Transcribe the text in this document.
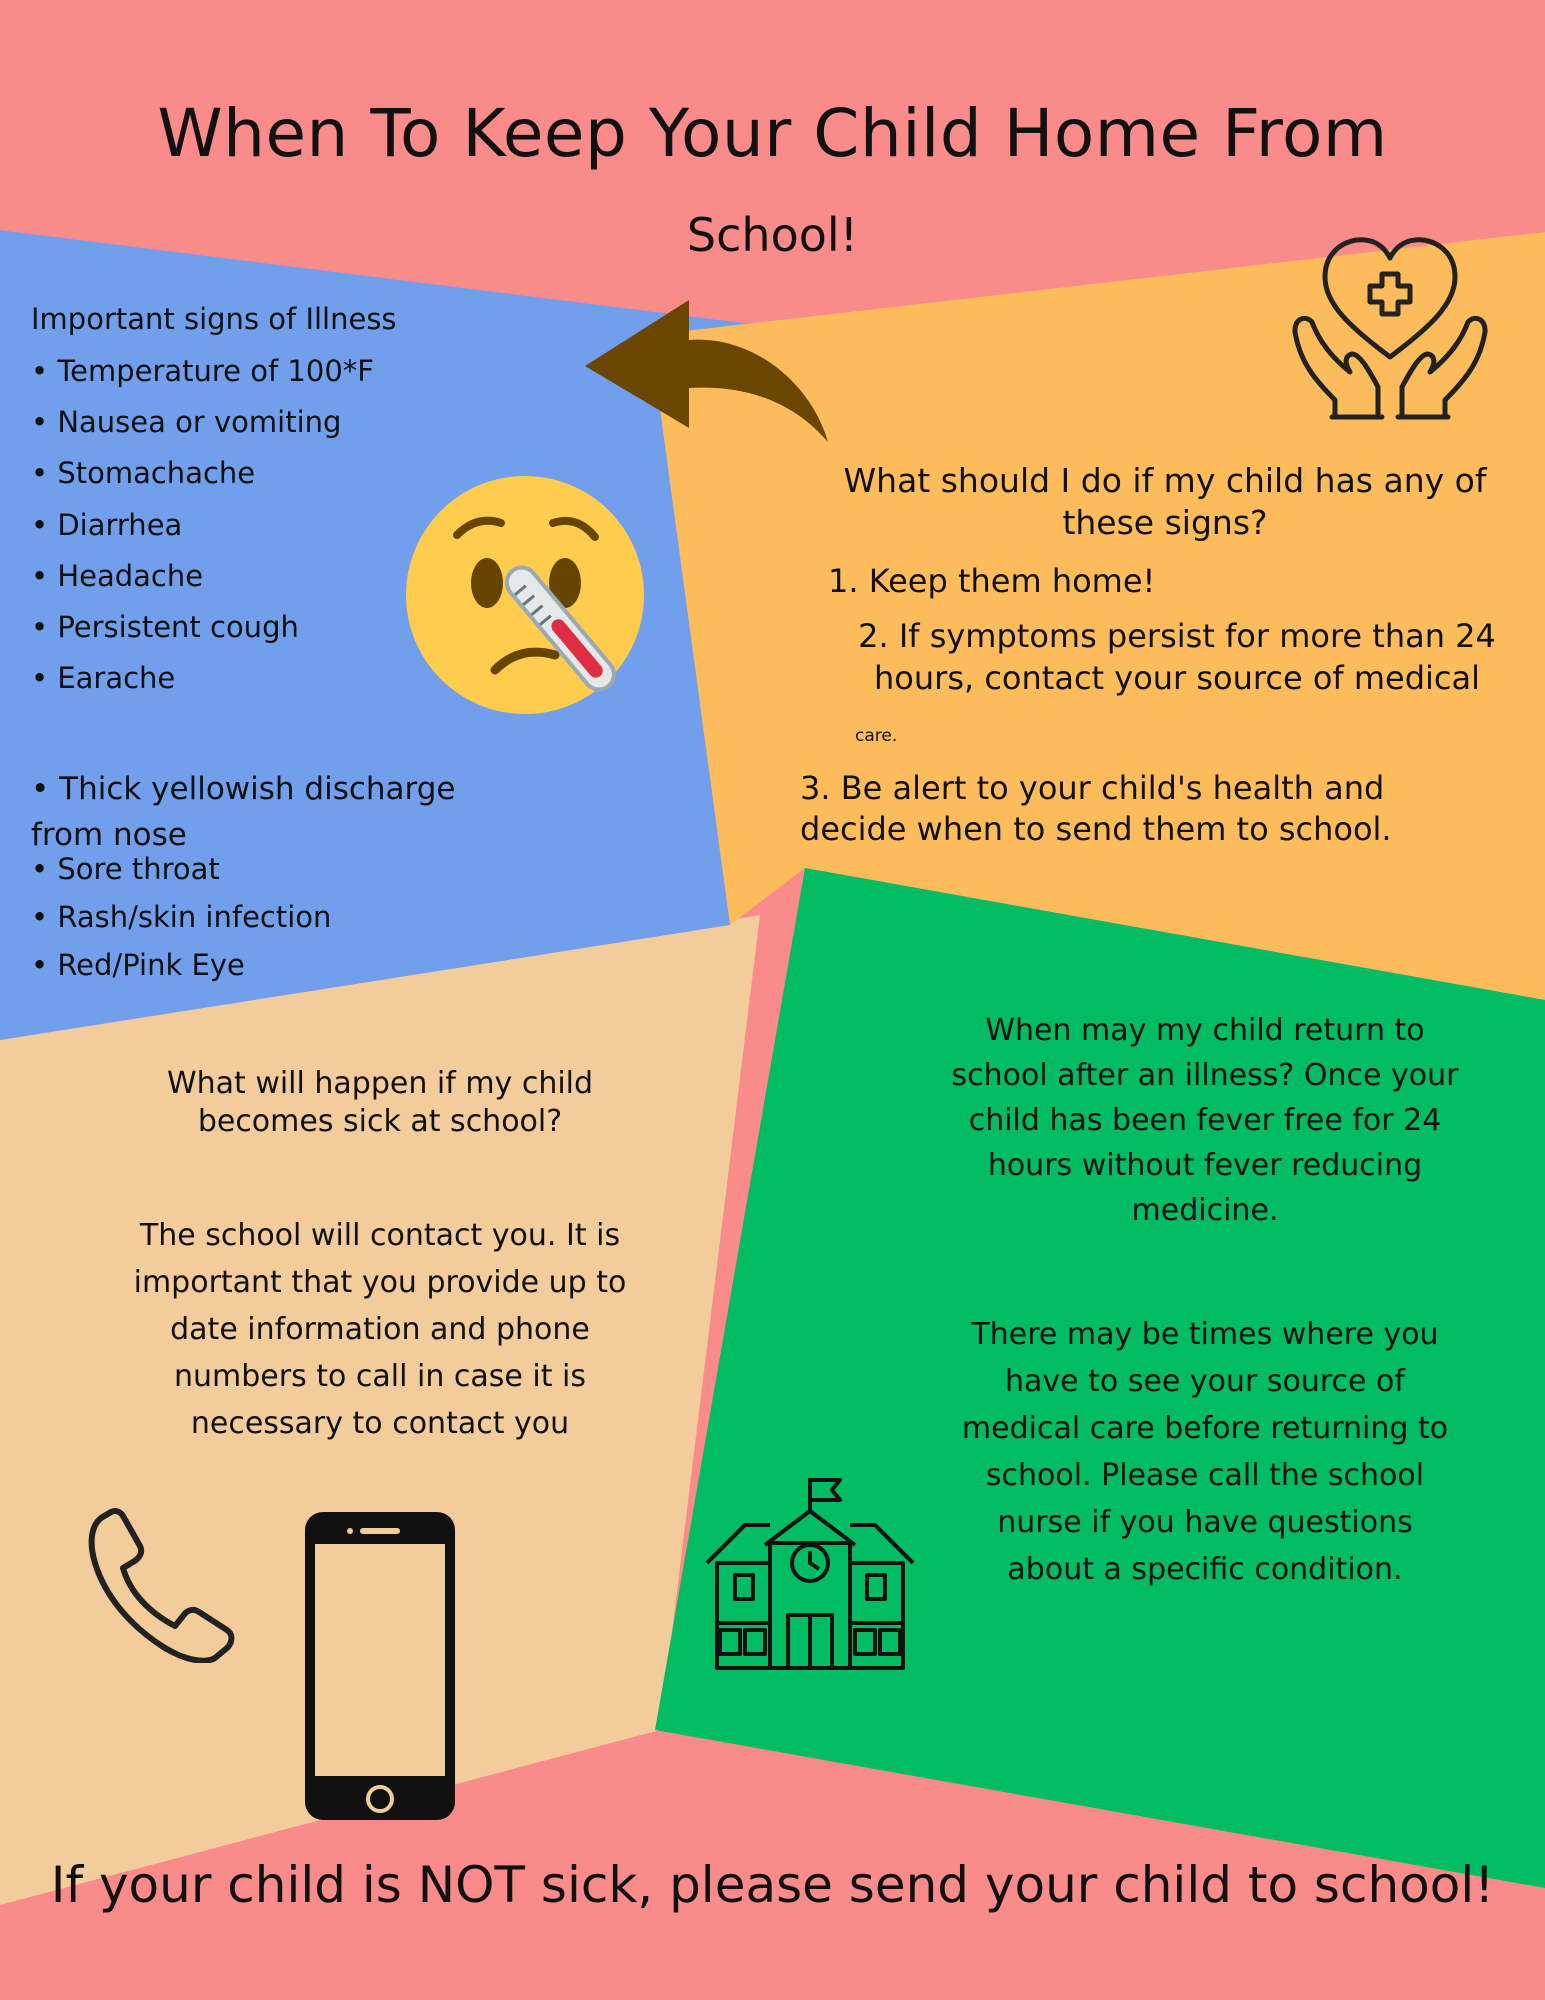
When To Keep Your Child Home From
School!

Important signs of Illness

• Temperature of 100*F

• Nausea or vomiting

• Stomachache

• Diarrhea

• Headache

• Persistent cough

• Earache

• Thick yellowish discharge from nose

• Sore throat

• Rash/skin infection

• Red/Pink Eye

What should I do if my child has any of these signs?

1. Keep them home!

2. If symptoms persist for more than 24 hours, contact your source of medical

care.

3. Be alert to your child's health and decide when to send them to school.

When may my child return to school after an illness? Once your child has been fever free for 24 hours without fever reducing medicine.

There may be times where you have to see your source of medical care before returning to school. Please call the school nurse if you have questions about a specific condition.

What will happen if my child becomes sick at school?

The school will contact you. It is important that you provide up to date information and phone numbers to call in case it is necessary to contact you

If your child is NOT sick, please send your child to school!
